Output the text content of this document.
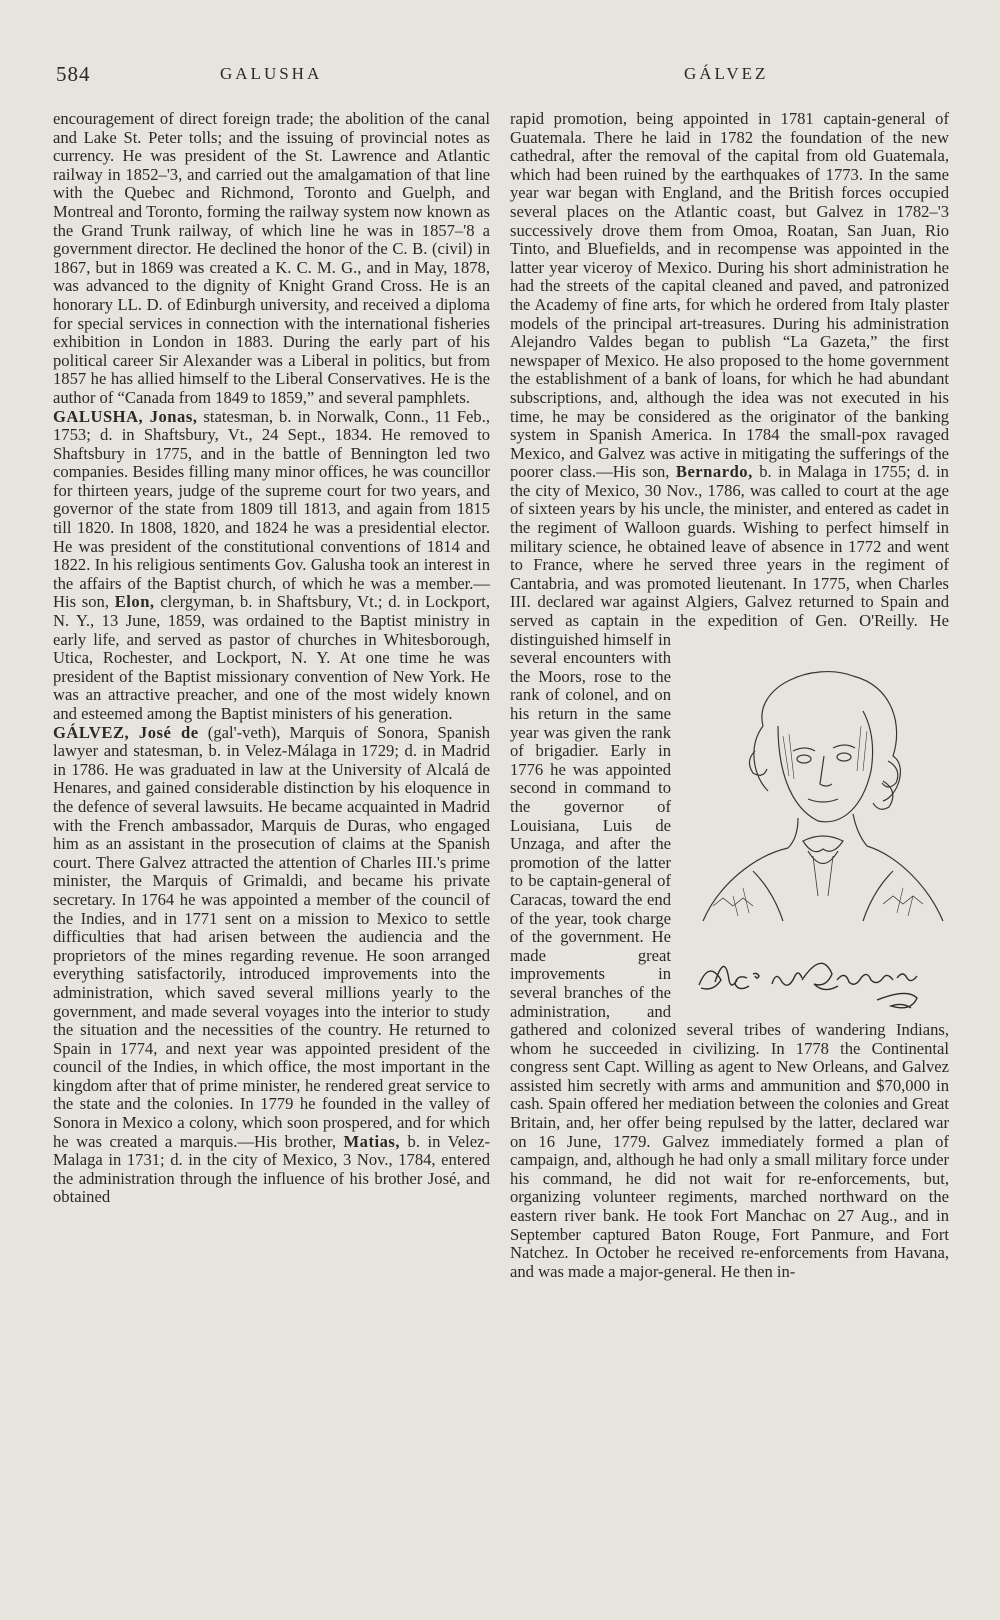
584	GALUSHA	GÁLVEZ

encouragement of direct foreign trade; the abolition of the canal and Lake St. Peter tolls; and the issuing of provincial notes as currency. He was president of the St. Lawrence and Atlantic railway in 1852–'3, and carried out the amalgamation of that line with the Quebec and Richmond, Toronto and Guelph, and Montreal and Toronto, forming the railway system now known as the Grand Trunk railway, of which line he was in 1857–'8 a government director. He declined the honor of the C. B. (civil) in 1867, but in 1869 was created a K. C. M. G., and in May, 1878, was advanced to the dignity of Knight Grand Cross. He is an honorary LL. D. of Edinburgh university, and received a diploma for special services in connection with the international fisheries exhibition in London in 1883. During the early part of his political career Sir Alexander was a Liberal in politics, but from 1857 he has allied himself to the Liberal Conservatives. He is the author of “Canada from 1849 to 1859,” and several pamphlets.

GALUSHA, Jonas, statesman, b. in Norwalk, Conn., 11 Feb., 1753; d. in Shaftsbury, Vt., 24 Sept., 1834. He removed to Shaftsbury in 1775, and in the battle of Bennington led two companies. Besides filling many minor offices, he was councillor for thirteen years, judge of the supreme court for two years, and governor of the state from 1809 till 1813, and again from 1815 till 1820. In 1808, 1820, and 1824 he was a presidential elector. He was president of the constitutional conventions of 1814 and 1822. In his religious sentiments Gov. Galusha took an interest in the affairs of the Baptist church, of which he was a member.—His son, Elon, clergyman, b. in Shaftsbury, Vt.; d. in Lockport, N. Y., 13 June, 1859, was ordained to the Baptist ministry in early life, and served as pastor of churches in Whitesborough, Utica, Rochester, and Lockport, N. Y. At one time he was president of the Baptist missionary convention of New York. He was an attractive preacher, and one of the most widely known and esteemed among the Baptist ministers of his generation.

GÁLVEZ, José de (gal'-veth), Marquis of Sonora, Spanish lawyer and statesman, b. in Velez-Málaga in 1729; d. in Madrid in 1786. He was graduated in law at the University of Alcalá de Henares, and gained considerable distinction by his eloquence in the defence of several lawsuits. He became acquainted in Madrid with the French ambassador, Marquis de Duras, who engaged him as an assistant in the prosecution of claims at the Spanish court. There Galvez attracted the attention of Charles III.'s prime minister, the Marquis of Grimaldi, and became his private secretary. In 1764 he was appointed a member of the council of the Indies, and in 1771 sent on a mission to Mexico to settle difficulties that had arisen between the audiencia and the proprietors of the mines regarding revenue. He soon arranged everything satisfactorily, introduced improvements into the administration, which saved several millions yearly to the government, and made several voyages into the interior to study the situation and the necessities of the country. He returned to Spain in 1774, and next year was appointed president of the council of the Indies, in which office, the most important in the kingdom after that of prime minister, he rendered great service to the state and the colonies. In 1779 he founded in the valley of Sonora in Mexico a colony, which soon prospered, and for which he was created a marquis.—His brother, Matias, b. in Velez-Malaga in 1731; d. in the city of Mexico, 3 Nov., 1784, entered the administration through the influence of his brother José, and obtained

rapid promotion, being appointed in 1781 captain-general of Guatemala. There he laid in 1782 the foundation of the new cathedral, after the removal of the capital from old Guatemala, which had been ruined by the earthquakes of 1773. In the same year war began with England, and the British forces occupied several places on the Atlantic coast, but Galvez in 1782–'3 successively drove them from Omoa, Roatan, San Juan, Rio Tinto, and Bluefields, and in recompense was appointed in the latter year viceroy of Mexico. During his short administration he had the streets of the capital cleaned and paved, and patronized the Academy of fine arts, for which he ordered from Italy plaster models of the principal art-treasures. During his administration Alejandro Valdes began to publish “La Gazeta,” the first newspaper of Mexico. He also proposed to the home government the establishment of a bank of loans, for which he had abundant subscriptions, and, although the idea was not executed in his time, he may be considered as the originator of the banking system in Spanish America. In 1784 the small-pox ravaged Mexico, and Galvez was active in mitigating the sufferings of the poorer class.—His son, Bernardo, b. in Malaga in 1755; d. in the city of Mexico, 30 Nov., 1786, was called to court at the age of sixteen years by his uncle, the minister, and entered as cadet in the regiment of Walloon guards. Wishing to perfect himself in military science, he obtained leave of absence in 1772 and went to France, where he served three years in the regiment of Cantabria, and was promoted lieutenant. In 1775, when Charles III. declared war against Algiers, Galvez returned to Spain and served as captain in the expedition of Gen. O'Reilly. He distinguished himself in several encounters with the Moors, rose to the rank of colonel, and on his return in the same year was given the rank of brigadier. Early in 1776 he was appointed second in command to the governor of Louisiana, Luis de Unzaga, and after the promotion of the latter to be captain-general of Caracas, toward the end of the year, took charge of the government. He made great improvements in several branches of the administration, and gathered and colonized several tribes of wandering Indians, whom he succeeded in civilizing. In 1778 the Continental congress sent Capt. Willing as agent to New Orleans, and Galvez assisted him secretly with arms and ammunition and $70,000 in cash. Spain offered her mediation between the colonies and Great Britain, and, her offer being repulsed by the latter, declared war on 16 June, 1779. Galvez immediately formed a plan of campaign, and, although he had only a small military force under his command, he did not wait for re-enforcements, but, organizing volunteer regiments, marched northward on the eastern river bank. He took Fort Manchac on 27 Aug., and in September captured Baton Rouge, Fort Panmure, and Fort Natchez. In October he received re-enforcements from Havana, and was made a major-general. He then in-
